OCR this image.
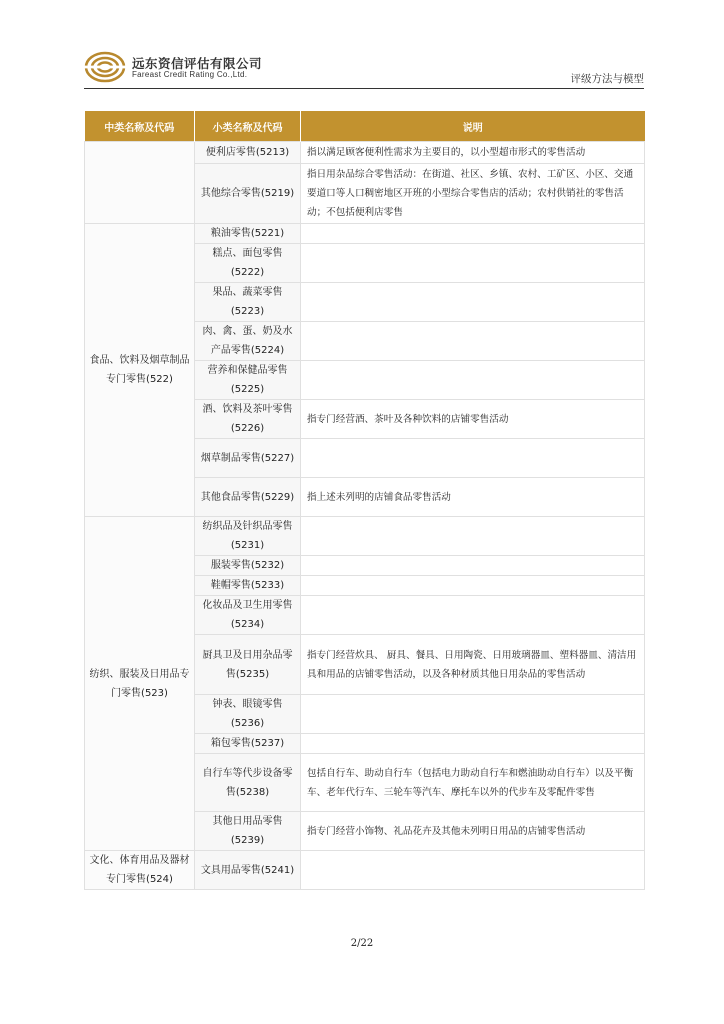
远东资信评估有限公司
Fareast Credit Rating Co.,Ltd.	评级方法与模型
中类名称及代码	小类名称及代码	说明
	便利店零售(5213)	指以满足顾客便利性需求为主要目的，以小型超市形式的零售活动
	其他综合零售(5219)	指日用杂品综合零售活动：在街道、社区、乡镇、农村、工矿区、小区、交通要道口等人口稠密地区开班的小型综合零售店的活动；农村供销社的零售活动；不包括便利店零售
食品、饮料及烟草制品专门零售(522)	粮油零售(5221)	
	糕点、面包零售(5222)	
	果品、蔬菜零售(5223)	
	肉、禽、蛋、奶及水产品零售(5224)	
	营养和保健品零售(5225)	
	酒、饮料及茶叶零售(5226)	指专门经营酒、茶叶及各种饮料的店铺零售活动
	烟草制品零售(5227)	
	其他食品零售(5229)	指上述未列明的店铺食品零售活动
纺织、服装及日用品专门零售(523)	纺织品及针织品零售(5231)	
	服装零售(5232)	
	鞋帽零售(5233)	
	化妆品及卫生用零售(5234)	
	厨具卫及日用杂品零售(5235)	指专门经营炊具、 厨具、餐具、日用陶瓷、日用玻璃器皿、塑料器皿、清洁用具和用品的店铺零售活动，以及各种材质其他日用杂品的零售活动
	钟表、眼镜零售(5236)	
	箱包零售(5237)	
	自行车等代步设备零售(5238)	包括自行车、助动自行车（包括电力助动自行车和燃油助动自行车）以及平衡车、老年代行车、三轮车等汽车、摩托车以外的代步车及零配件零售
	其他日用品零售(5239)	指专门经营小饰物、礼品花卉及其他未列明日用品的店铺零售活动
文化、体育用品及器材专门零售(524)	文具用品零售(5241)	
2/22
